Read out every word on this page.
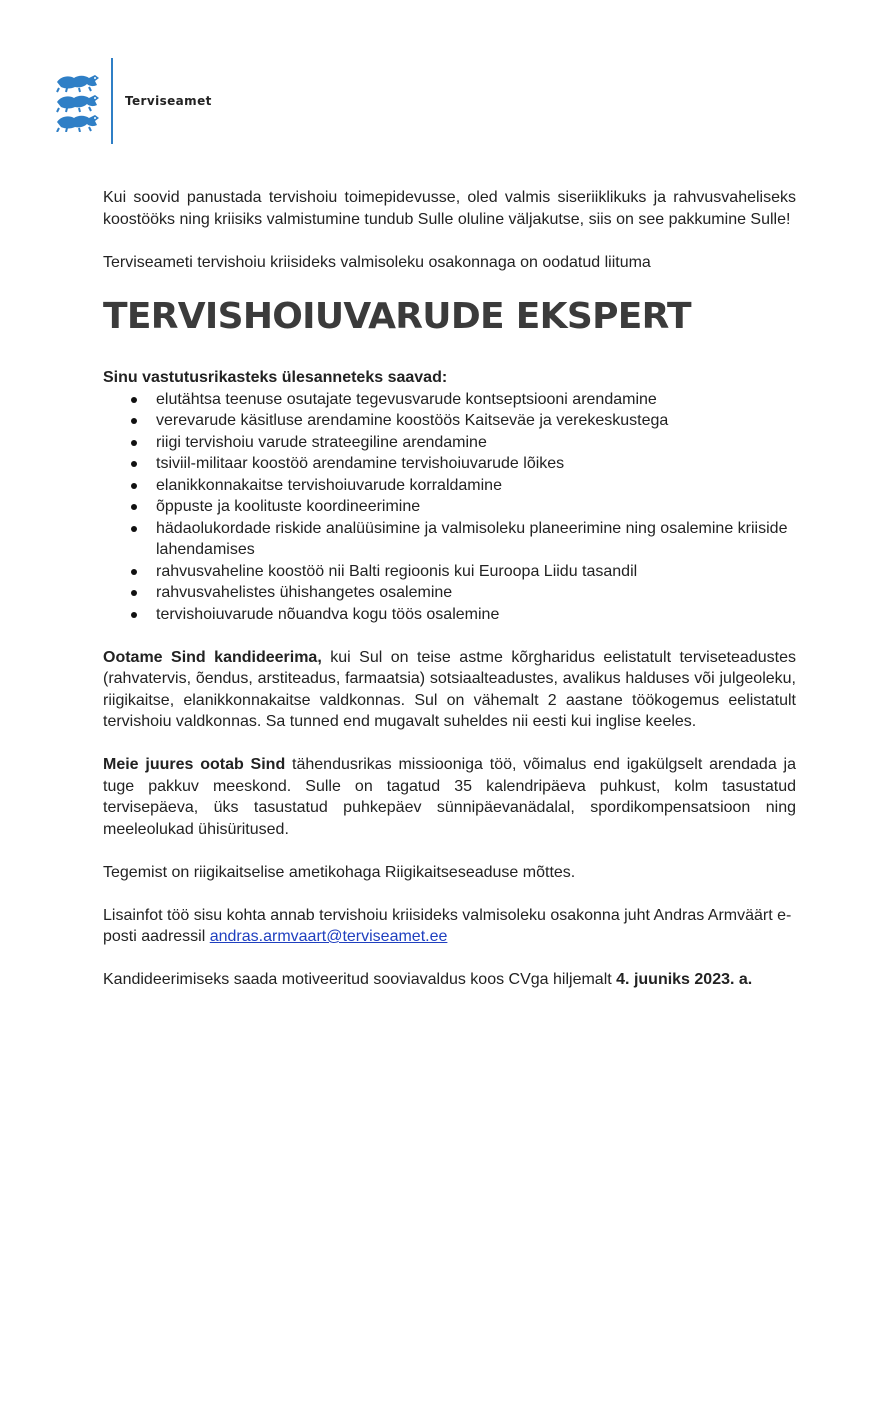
Terviseamet

Kui soovid panustada tervishoiu toimepidevusse, oled valmis siseriiklikuks ja rahvusvaheliseks koostööks ning kriisiks valmistumine tundub Sulle oluline väljakutse, siis on see pakkumine Sulle!

Terviseameti tervishoiu kriisideks valmisoleku osakonnaga on oodatud liituma

TERVISHOIUVARUDE EKSPERT

Sinu vastutusrikasteks ülesanneteks saavad:

elutähtsa teenuse osutajate tegevusvarude kontseptsiooni arendamine
verevarude käsitluse arendamine koostöös Kaitseväe ja verekeskustega
riigi tervishoiu varude strateegiline arendamine
tsiviil-militaar koostöö arendamine tervishoiuvarude lõikes
elanikkonnakaitse tervishoiuvarude korraldamine
õppuste ja koolituste koordineerimine
hädaolukordade riskide analüüsimine ja valmisoleku planeerimine ning osalemine kriiside lahendamises
rahvusvaheline koostöö nii Balti regioonis kui Euroopa Liidu tasandil
rahvusvahelistes ühishangetes osalemine
tervishoiuvarude nõuandva kogu töös osalemine

Ootame Sind kandideerima, kui Sul on teise astme kõrgharidus eelistatult terviseteadustes (rahvatervis, õendus, arstiteadus, farmaatsia) sotsiaalteadustes, avalikus halduses või julgeoleku, riigikaitse, elanikkonnakaitse valdkonnas. Sul on vähemalt 2 aastane töökogemus eelistatult tervishoiu valdkonnas. Sa tunned end mugavalt suheldes nii eesti kui inglise keeles.

Meie juures ootab Sind tähendusrikas missiooniga töö, võimalus end igakülgselt arendada ja tuge pakkuv meeskond. Sulle on tagatud 35 kalendripäeva puhkust, kolm tasustatud tervisepäeva, üks tasustatud puhkepäev sünnipäevanädalal, spordikompensatsioon ning meeleolukad ühisüritused.

Tegemist on riigikaitselise ametikohaga Riigikaitseseaduse mõttes.

Lisainfot töö sisu kohta annab tervishoiu kriisideks valmisoleku osakonna juht Andras Armväärt e-posti aadressil andras.armvaart@terviseamet.ee

Kandideerimiseks saada motiveeritud sooviavaldus koos CVga hiljemalt 4. juuniks 2023. a.
